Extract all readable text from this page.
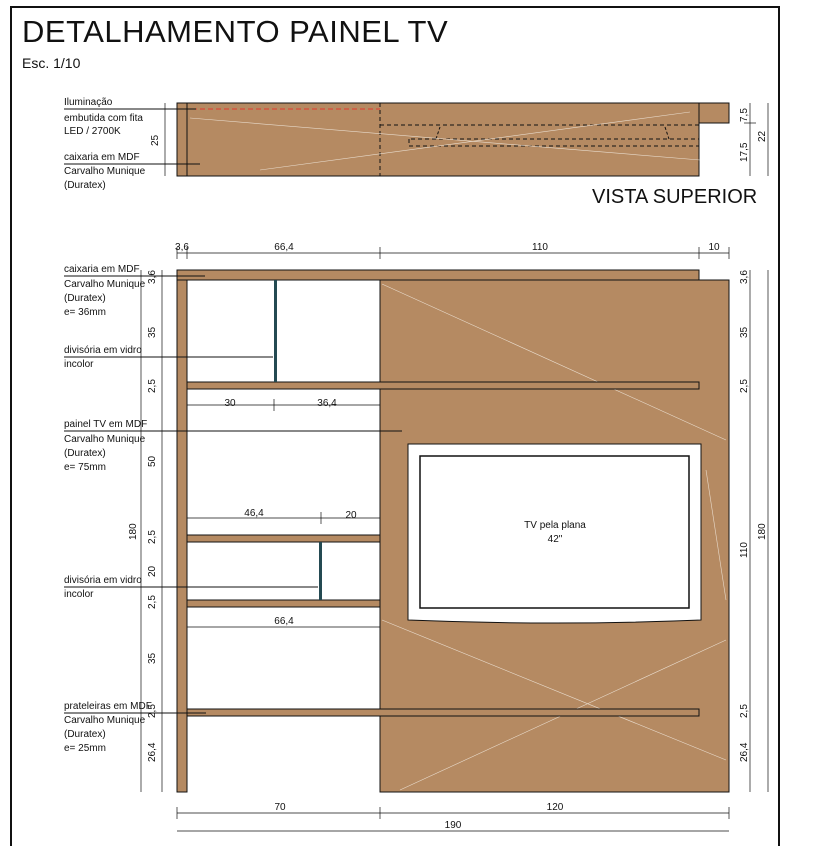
DETALHAMENTO PAINEL TV
Esc. 1/10
Iluminação
embutida com fita
LED / 2700K
caixaria em MDF
Carvalho Munique
(Duratex)
25
7,5
17,5
22
VISTA SUPERIOR
TV pela plana
42"
caixaria em MDF
Carvalho Munique
(Duratex)
e= 36mm
divisória em vidro
incolor
painel TV em MDF
Carvalho Munique
(Duratex)
e= 75mm
divisória em vidro
incolor
prateleiras em MDF
Carvalho Munique
(Duratex)
e= 25mm
3,6	66,4	110	10
3,6
35
2,5
50
2,5
20
2,5
35
2,5
26,4
180
3,6
35
2,5
110
2,5
26,4
180
30	36,4
46,4	20
66,4
70	120
190
